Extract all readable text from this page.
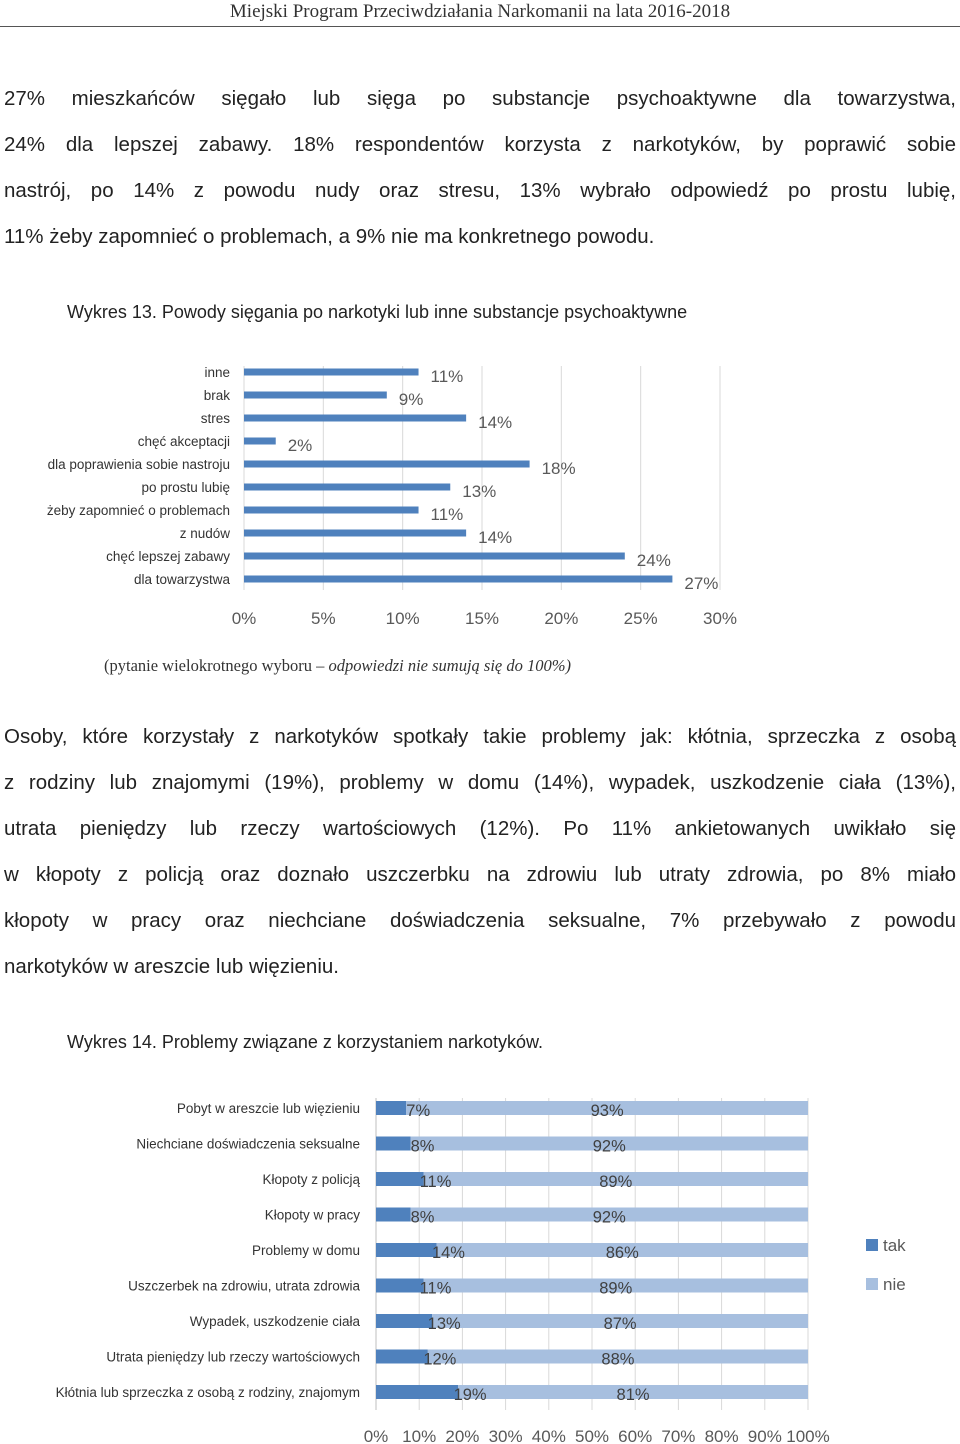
Miejski Program Przeciwdziałania Narkomanii na lata 2016-2018
27% mieszkańców sięgało lub sięga po substancje psychoaktywne dla towarzystwa,
24% dla lepszej zabawy. 18% respondentów korzysta z narkotyków, by poprawić sobie
nastrój, po 14% z powodu nudy oraz stresu, 13% wybrało odpowiedź po prostu lubię,
11% żeby zapomnieć o problemach, a 9% nie ma konkretnego powodu.
Wykres 13. Powody sięgania po narkotyki lub inne substancje psychoaktywne
0%	5%	10%	15%	20%	25%	30%
inne	11%
brak	9%
stres	14%
chęć akceptacji	2%
dla poprawienia sobie nastroju	18%
po prostu lubię	13%
żeby zapomnieć o problemach	11%
z nudów	14%
chęć lepszej zabawy	24%
dla towarzystwa	27%
(pytanie wielokrotnego wyboru – odpowiedzi nie sumują się do 100%)
Osoby, które korzystały z narkotyków spotkały takie problemy jak: kłótnia, sprzeczka z osobą
z rodziny lub znajomymi (19%), problemy w domu (14%), wypadek, uszkodzenie ciała (13%),
utrata pieniędzy lub rzeczy wartościowych (12%). Po 11% ankietowanych uwikłało się
w kłopoty z policją oraz doznało uszczerbku na zdrowiu lub utraty zdrowia, po 8% miało
kłopoty w pracy oraz niechciane doświadczenia seksualne, 7% przebywało z powodu
narkotyków w areszcie lub więzieniu.
Wykres 14. Problemy związane z korzystaniem narkotyków.
0% 10% 20% 30% 40% 50% 60% 70% 80% 90% 100%
Pobyt w areszcie lub więzieniu	7%	93%
Niechciane doświadczenia seksualne	8%	92%
Kłopoty z policją	11%	89%
Kłopoty w pracy	8%	92%
Problemy w domu	14%	86%
Uszczerbek na zdrowiu, utrata zdrowia	11%	89%
Wypadek, uszkodzenie ciała	13%	87%
Utrata pieniędzy lub rzeczy wartościowych	12%	88%
Kłótnia lub sprzeczka z osobą z rodziny, znajomym	19%	81%
tak
nie
